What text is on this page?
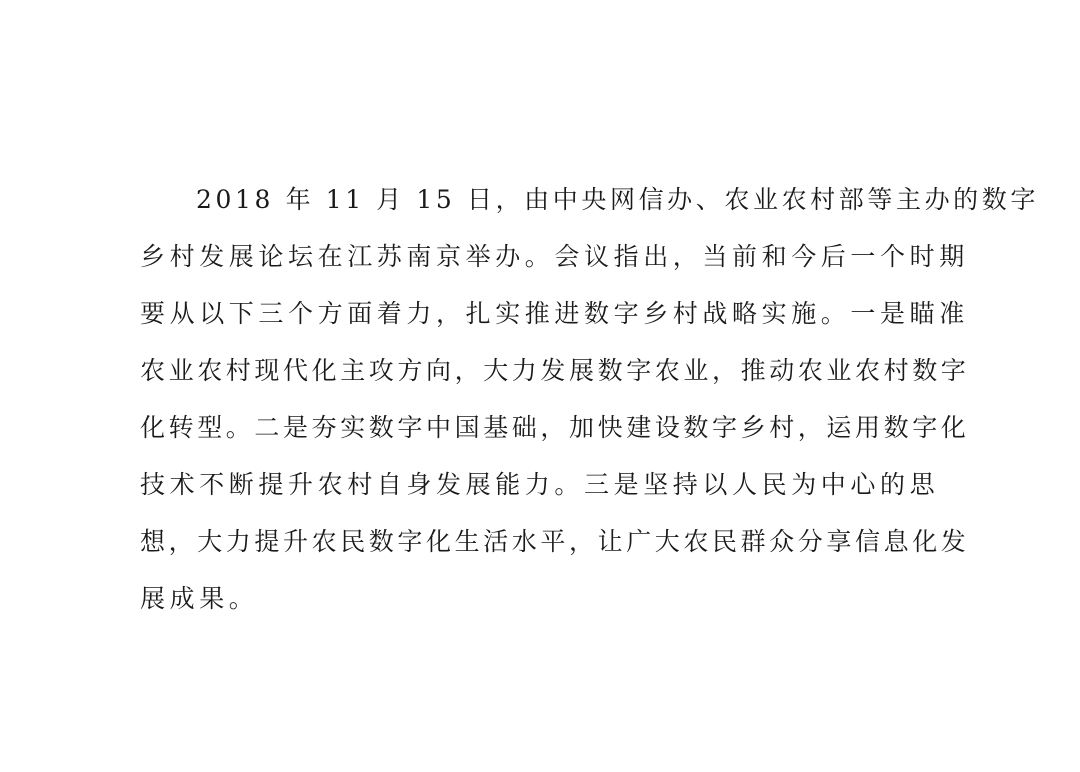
2018 年 11 月 15 日，由中央网信办、农业农村部等主办的数字
乡村发展论坛在江苏南京举办。会议指出，当前和今后一个时期
要从以下三个方面着力，扎实推进数字乡村战略实施。一是瞄准
农业农村现代化主攻方向，大力发展数字农业，推动农业农村数字
化转型。二是夯实数字中国基础，加快建设数字乡村，运用数字化
技术不断提升农村自身发展能力。三是坚持以人民为中心的思
想，大力提升农民数字化生活水平，让广大农民群众分享信息化发
展成果。
